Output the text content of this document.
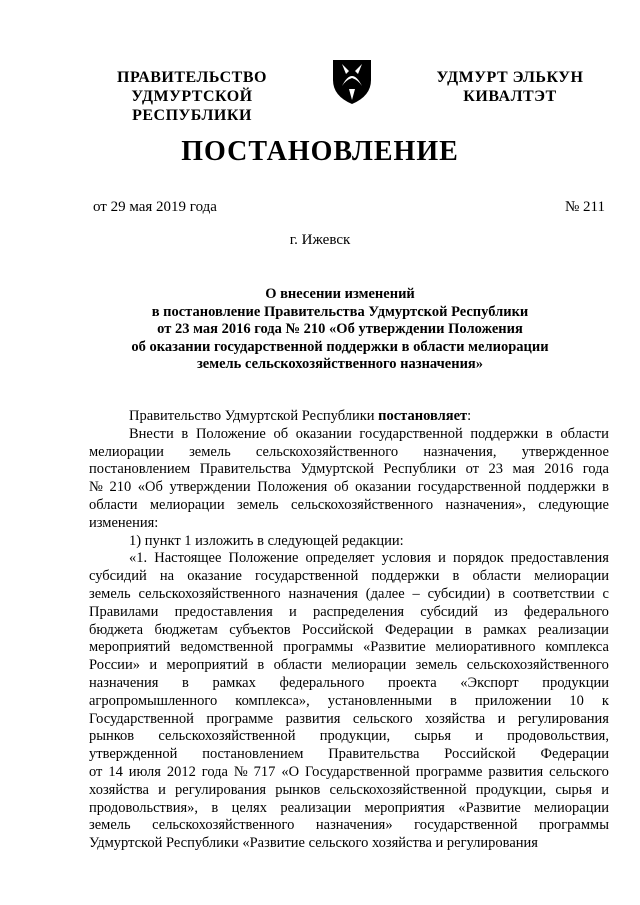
ПРАВИТЕЛЬСТВО
УДМУРТСКОЙ РЕСПУБЛИКИ
УДМУРТ ЭЛЬКУН
КИВАЛТЭТ
ПОСТАНОВЛЕНИЕ
от 29 мая 2019 года	№ 211
г. Ижевск
О внесении изменений
в постановление Правительства Удмуртской Республики
от 23 мая 2016 года № 210 «Об утверждении Положения
об оказании государственной поддержки в области мелиорации
земель сельскохозяйственного назначения»
Правительство Удмуртской Республики постановляет:
Внести в Положение об оказании государственной поддержки в области
мелиорации земель сельскохозяйственного назначения, утвержденное
постановлением Правительства Удмуртской Республики от 23 мая 2016 года
№ 210 «Об утверждении Положения об оказании государственной поддержки в
области мелиорации земель сельскохозяйственного назначения», следующие
изменения:
1) пункт 1 изложить в следующей редакции:
«1. Настоящее Положение определяет условия и порядок предоставления
субсидий на оказание государственной поддержки в области мелиорации
земель сельскохозяйственного назначения (далее – субсидии) в соответствии с
Правилами предоставления и распределения субсидий из федерального
бюджета бюджетам субъектов Российской Федерации в рамках реализации
мероприятий ведомственной программы «Развитие мелиоративного комплекса
России» и мероприятий в области мелиорации земель сельскохозяйственного
назначения в рамках федерального проекта «Экспорт продукции
агропромышленного комплекса», установленными в приложении 10 к
Государственной программе развития сельского хозяйства и регулирования
рынков сельскохозяйственной продукции, сырья и продовольствия,
утвержденной постановлением Правительства Российской Федерации
от 14 июля 2012 года № 717 «О Государственной программе развития сельского
хозяйства и регулирования рынков сельскохозяйственной продукции, сырья и
продовольствия», в целях реализации мероприятия «Развитие мелиорации
земель сельскохозяйственного назначения» государственной программы
Удмуртской Республики «Развитие сельского хозяйства и регулирования
